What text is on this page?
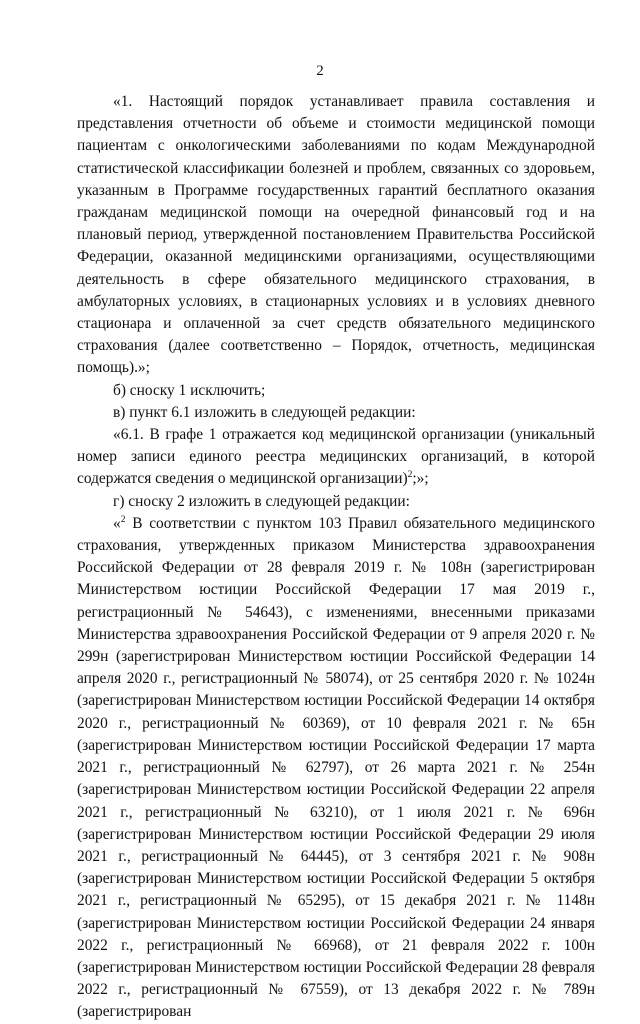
2

«1. Настоящий порядок устанавливает правила составления и представления отчетности об объеме и стоимости медицинской помощи пациентам с онкологическими заболеваниями по кодам Международной статистической классификации болезней и проблем, связанных со здоровьем, указанным в Программе государственных гарантий бесплатного оказания гражданам медицинской помощи на очередной финансовый год и на плановый период, утвержденной постановлением Правительства Российской Федерации, оказанной медицинскими организациями, осуществляющими деятельность в сфере обязательного медицинского страхования, в амбулаторных условиях, в стационарных условиях и в условиях дневного стационара и оплаченной за счет средств обязательного медицинского страхования (далее соответственно – Порядок, отчетность, медицинская помощь).»;

б) сноску 1 исключить;

в) пункт 6.1 изложить в следующей редакции:

«6.1. В графе 1 отражается код медицинской организации (уникальный номер записи единого реестра медицинских организаций, в которой содержатся сведения о медицинской организации)$^2$;»;

г) сноску 2 изложить в следующей редакции:

«$^2$ В соответствии с пунктом 103 Правил обязательного медицинского страхования, утвержденных приказом Министерства здравоохранения Российской Федерации от 28 февраля 2019 г. № 108н (зарегистрирован Министерством юстиции Российской Федерации 17 мая 2019 г., регистрационный № 54643), с изменениями, внесенными приказами Министерства здравоохранения Российской Федерации от 9 апреля 2020 г. № 299н (зарегистрирован Министерством юстиции Российской Федерации 14 апреля 2020 г., регистрационный № 58074), от 25 сентября 2020 г. № 1024н (зарегистрирован Министерством юстиции Российской Федерации 14 октября 2020 г., регистрационный № 60369), от 10 февраля 2021 г. № 65н (зарегистрирован Министерством юстиции Российской Федерации 17 марта 2021 г., регистрационный № 62797), от 26 марта 2021 г. № 254н (зарегистрирован Министерством юстиции Российской Федерации 22 апреля 2021 г., регистрационный № 63210), от 1 июля 2021 г. № 696н (зарегистрирован Министерством юстиции Российской Федерации 29 июля 2021 г., регистрационный № 64445), от 3 сентября 2021 г. № 908н (зарегистрирован Министерством юстиции Российской Федерации 5 октября 2021 г., регистрационный № 65295), от 15 декабря 2021 г. № 1148н (зарегистрирован Министерством юстиции Российской Федерации 24 января 2022 г., регистрационный № 66968), от 21 февраля 2022 г. 100н (зарегистрирован Министерством юстиции Российской Федерации 28 февраля 2022 г., регистрационный № 67559), от 13 декабря 2022 г. № 789н (зарегистрирован
